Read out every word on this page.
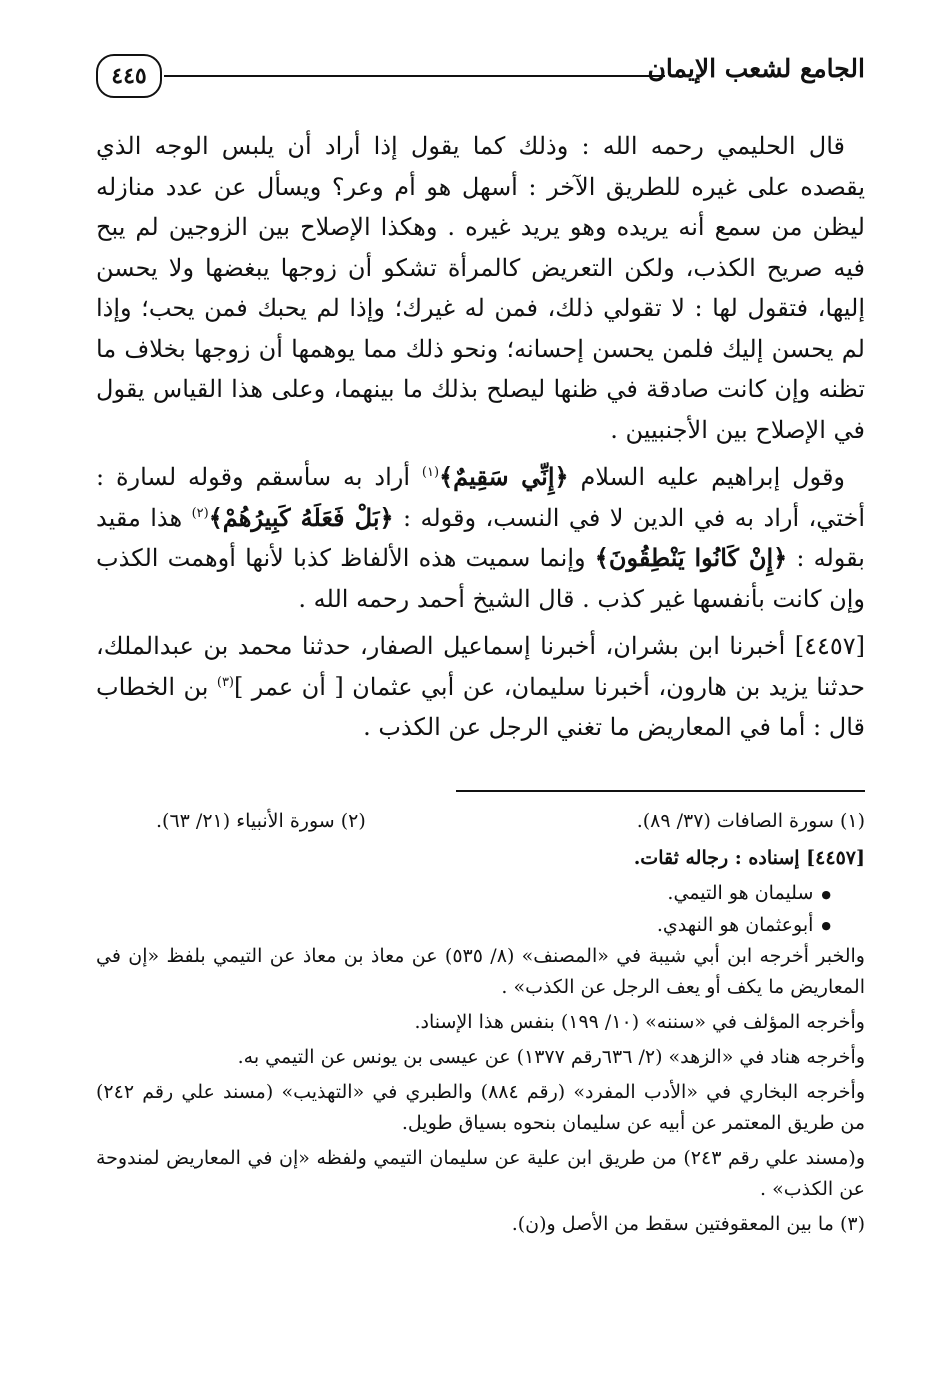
الجامع لشعب الإيمان
٤٤٥

قال الحليمي رحمه الله : وذلك كما يقول إذا أراد أن يلبس الوجه الذي يقصده على غيره للطريق الآخر : أسهل هو أم وعر؟ ويسأل عن عدد منازله ليظن من سمع أنه يريده وهو يريد غيره . وهكذا الإصلاح بين الزوجين لم يبح فيه صريح الكذب، ولكن التعريض كالمرأة تشكو أن زوجها يبغضها ولا يحسن إليها، فتقول لها : لا تقولي ذلك، فمن له غيرك؛ وإذا لم يحبك فمن يحب؛ وإذا لم يحسن إليك فلمن يحسن إحسانه؛ ونحو ذلك مما يوهمها أن زوجها بخلاف ما تظنه وإن كانت صادقة في ظنها ليصلح بذلك ما بينهما، وعلى هذا القياس يقول في الإصلاح بين الأجنبيين .

وقول إبراهيم عليه السلام ﴿إِنِّي سَقِيمٌ﴾$^{(١)}$ أراد به سأسقم وقوله لسارة : أختي، أراد به في الدين لا في النسب، وقوله : ﴿بَلْ فَعَلَهُ كَبِيرُهُمْ﴾$^{(٢)}$ هذا مقيد بقوله : ﴿إِنْ كَانُوا يَنْطِقُونَ﴾ وإنما سميت هذه الألفاظ كذبا لأنها أوهمت الكذب وإن كانت بأنفسها غير كذب . قال الشيخ أحمد رحمه الله .

[٤٤٥٧] أخبرنا ابن بشران، أخبرنا إسماعيل الصفار، حدثنا محمد بن عبدالملك، حدثنا يزيد بن هارون، أخبرنا سليمان، عن أبي عثمان [ أن عمر ]$^{(٣)}$ بن الخطاب قال : أما في المعاريض ما تغني الرجل عن الكذب .

(١) سورة الصافات (٣٧/ ٨٩).
(٢) سورة الأنبياء (٢١/ ٦٣).

[٤٤٥٧] إسناده : رجاله ثقات.

● سليمان هو التيمي.

● أبوعثمان هو النهدي.

والخبر أخرجه ابن أبي شيبة في «المصنف» (٨/ ٥٣٥) عن معاذ بن معاذ عن التيمي بلفظ «إن في المعاريض ما يكف أو يعف الرجل عن الكذب» .

وأخرجه المؤلف في «سننه» (١٠/ ١٩٩) بنفس هذا الإسناد.

وأخرجه هناد في «الزهد» (٢/ ٦٣٦رقم ١٣٧٧) عن عيسى بن يونس عن التيمي به.

وأخرجه البخاري في «الأدب المفرد» (رقم ٨٨٤) والطبري في «التهذيب» (مسند علي رقم ٢٤٢) من طريق المعتمر عن أبيه عن سليمان بنحوه بسياق طويل.

و(مسند علي رقم ٢٤٣) من طريق ابن علية عن سليمان التيمي ولفظه «إن في المعاريض لمندوحة عن الكذب» .

(٣) ما بين المعقوفتين سقط من الأصل و(ن).
